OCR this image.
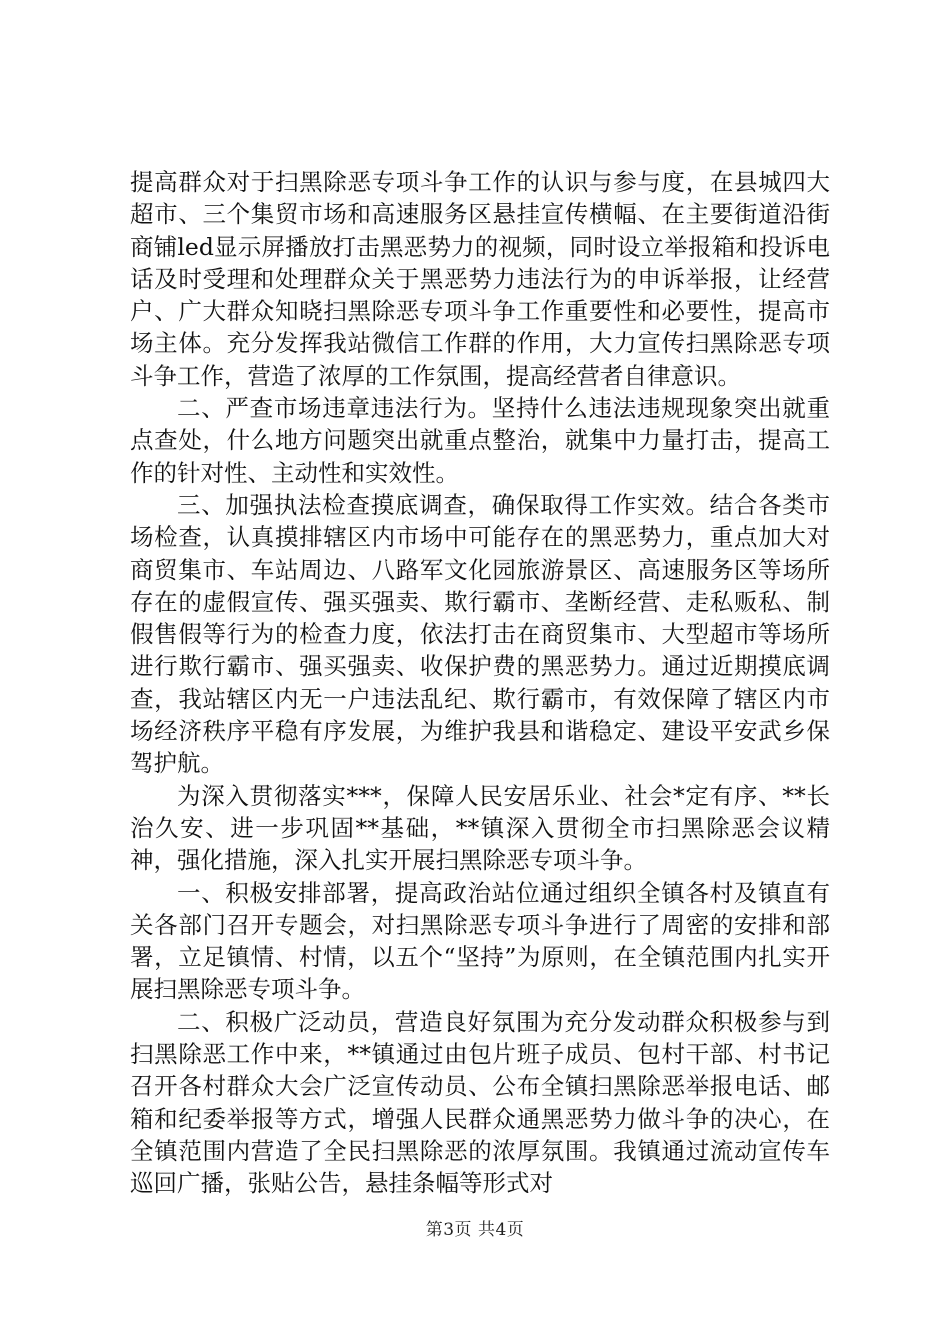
提高群众对于扫黑除恶专项斗争工作的认识与参与度，在县城四大超市、三个集贸市场和高速服务区悬挂宣传横幅、在主要街道沿街商铺led显示屏播放打击黑恶势力的视频，同时设立举报箱和投诉电话及时受理和处理群众关于黑恶势力违法行为的申诉举报，让经营户、广大群众知晓扫黑除恶专项斗争工作重要性和必要性，提高市场主体。充分发挥我站微信工作群的作用，大力宣传扫黑除恶专项斗争工作，营造了浓厚的工作氛围，提高经营者自律意识。

二、严查市场违章违法行为。坚持什么违法违规现象突出就重点查处，什么地方问题突出就重点整治，就集中力量打击，提高工作的针对性、主动性和实效性。

三、加强执法检查摸底调查，确保取得工作实效。结合各类市场检查，认真摸排辖区内市场中可能存在的黑恶势力，重点加大对商贸集市、车站周边、八路军文化园旅游景区、高速服务区等场所存在的虚假宣传、强买强卖、欺行霸市、垄断经营、走私贩私、制假售假等行为的检查力度，依法打击在商贸集市、大型超市等场所进行欺行霸市、强买强卖、收保护费的黑恶势力。通过近期摸底调查，我站辖区内无一户违法乱纪、欺行霸市，有效保障了辖区内市场经济秩序平稳有序发展，为维护我县和谐稳定、建设平安武乡保驾护航。

为深入贯彻落实***，保障人民安居乐业、社会*定有序、**长治久安、进一步巩固**基础，**镇深入贯彻全市扫黑除恶会议精神，强化措施，深入扎实开展扫黑除恶专项斗争。

一、积极安排部署，提高政治站位通过组织全镇各村及镇直有关各部门召开专题会，对扫黑除恶专项斗争进行了周密的安排和部署，立足镇情、村情，以五个“坚持”为原则，在全镇范围内扎实开展扫黑除恶专项斗争。

二、积极广泛动员，营造良好氛围为充分发动群众积极参与到扫黑除恶工作中来，**镇通过由包片班子成员、包村干部、村书记召开各村群众大会广泛宣传动员、公布全镇扫黑除恶举报电话、邮箱和纪委举报等方式，增强人民群众通黑恶势力做斗争的决心，在全镇范围内营造了全民扫黑除恶的浓厚氛围。我镇通过流动宣传车巡回广播，张贴公告，悬挂条幅等形式对

第3页 共4页
